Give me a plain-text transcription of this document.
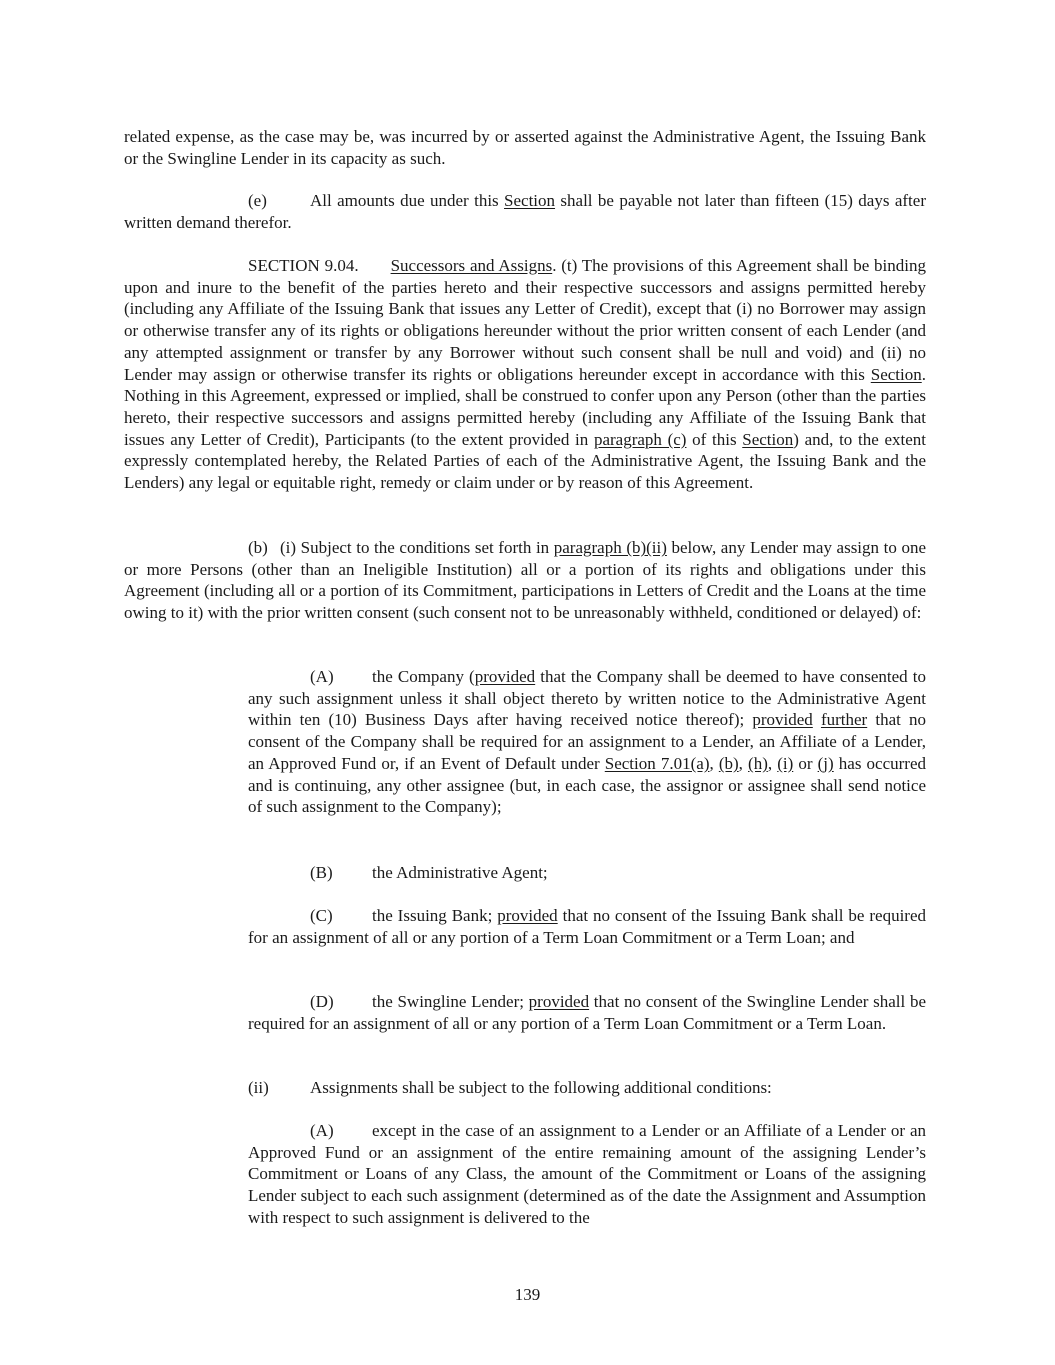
related expense, as the case may be, was incurred by or asserted against the Administrative Agent, the Issuing Bank or the Swingline Lender in its capacity as such.

(e)	All amounts due under this Section shall be payable not later than fifteen (15) days after written demand therefor.

SECTION 9.04. Successors and Assigns. (t) The provisions of this Agreement shall be binding upon and inure to the benefit of the parties hereto and their respective successors and assigns permitted hereby (including any Affiliate of the Issuing Bank that issues any Letter of Credit), except that (i) no Borrower may assign or otherwise transfer any of its rights or obligations hereunder without the prior written consent of each Lender (and any attempted assignment or transfer by any Borrower without such consent shall be null and void) and (ii) no Lender may assign or otherwise transfer its rights or obligations hereunder except in accordance with this Section. Nothing in this Agreement, expressed or implied, shall be construed to confer upon any Person (other than the parties hereto, their respective successors and assigns permitted hereby (including any Affiliate of the Issuing Bank that issues any Letter of Credit), Participants (to the extent provided in paragraph (c) of this Section) and, to the extent expressly contemplated hereby, the Related Parties of each of the Administrative Agent, the Issuing Bank and the Lenders) any legal or equitable right, remedy or claim under or by reason of this Agreement.

(b) (i) Subject to the conditions set forth in paragraph (b)(ii) below, any Lender may assign to one or more Persons (other than an Ineligible Institution) all or a portion of its rights and obligations under this Agreement (including all or a portion of its Commitment, participations in Letters of Credit and the Loans at the time owing to it) with the prior written consent (such consent not to be unreasonably withheld, conditioned or delayed) of:

(A) the Company (provided that the Company shall be deemed to have consented to any such assignment unless it shall object thereto by written notice to the Administrative Agent within ten (10) Business Days after having received notice thereof); provided further that no consent of the Company shall be required for an assignment to a Lender, an Affiliate of a Lender, an Approved Fund or, if an Event of Default under Section 7.01(a), (b), (h), (i) or (j) has occurred and is continuing, any other assignee (but, in each case, the assignor or assignee shall send notice of such assignment to the Company);

(B) the Administrative Agent;

(C) the Issuing Bank; provided that no consent of the Issuing Bank shall be required for an assignment of all or any portion of a Term Loan Commitment or a Term Loan; and

(D) the Swingline Lender; provided that no consent of the Swingline Lender shall be required for an assignment of all or any portion of a Term Loan Commitment or a Term Loan.

(ii) Assignments shall be subject to the following additional conditions:

(A) except in the case of an assignment to a Lender or an Affiliate of a Lender or an Approved Fund or an assignment of the entire remaining amount of the assigning Lender’s Commitment or Loans of any Class, the amount of the Commitment or Loans of the assigning Lender subject to each such assignment (determined as of the date the Assignment and Assumption with respect to such assignment is delivered to the

139
